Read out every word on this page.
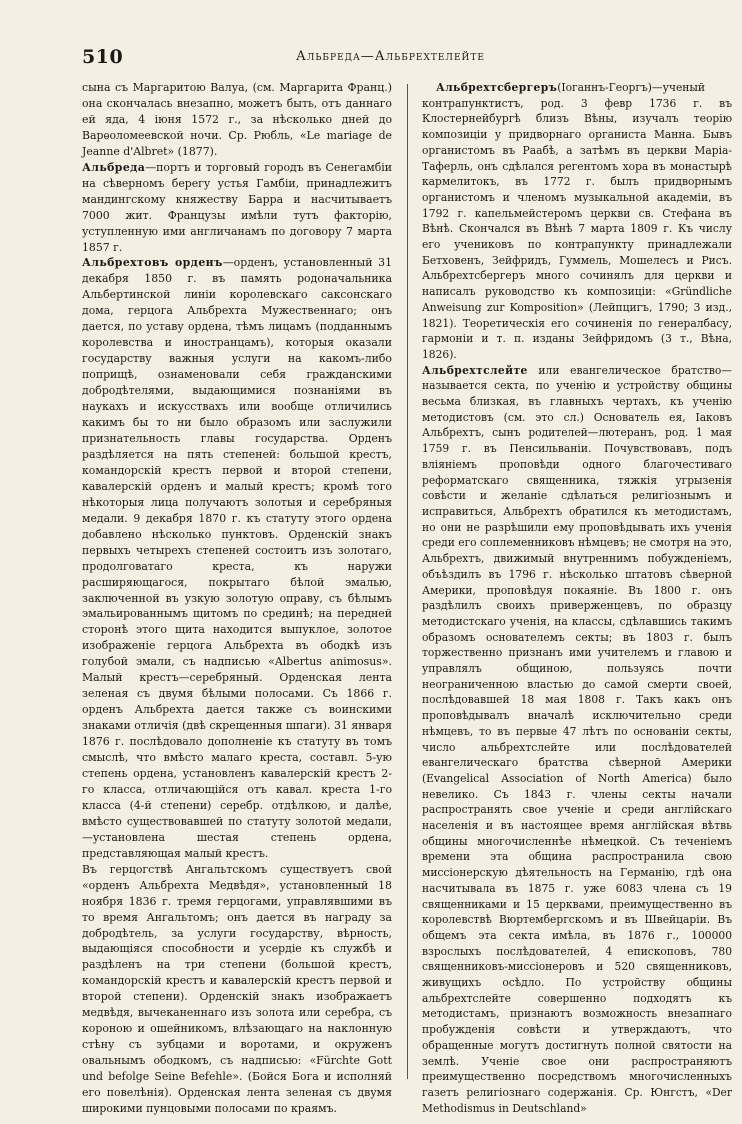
510	Альбреда—Альбрехтелейте

сына съ Маргаритою Валуа, (см. Маргарита Франц.) она скончалась внезапно, можетъ быть, отъ даннаго ей яда, 4 іюня 1572 г., за нѣсколько дней до Варѳоломеевской ночи. Ср. Рюбль, «Le mariage de Jeanne d'Albret» (1877).

Альбреда—портъ и торговый городъ въ Сенегамбіи на сѣверномъ берегу устья Гамбіи, принадлежитъ мандингскому княжеству Барра и насчитываетъ 7000 жит. Французы имѣли тутъ факторію, уступленную ими англичанамъ по договору 7 марта 1857 г.

Альбрехтовъ орденъ—орденъ, установленный 31 декабря 1850 г. въ память родоначальника Альбертинской линіи королевскаго саксонскаго дома, герцога Альбрехта Мужественнаго; онъ дается, по уставу ордена, тѣмъ лицамъ (подданнымъ королевства и иностранцамъ), которыя оказали государству важныя услуги на какомъ-либо поприщѣ, ознаменовали себя гражданскими добродѣтелями, выдающимися познаніями въ наукахъ и искусствахъ или вообще отличились какимъ бы то ни было образомъ или заслужили признательность главы государства. Орденъ раздѣляется на пять степеней: большой крестъ, командорскій крестъ первой и второй степени, кавалерскій орденъ и малый крестъ; кромѣ того нѣкоторыя лица получаютъ золотыя и серебряныя медали. 9 декабря 1870 г. къ статуту этого ордена добавлено нѣсколько пунктовъ. Орденскій знакъ первыхъ четырехъ степеней состоитъ изъ золотаго, продолговатаго креста, къ наружи расширяющагося, покрытаго бѣлой эмалью, заключенной въ узкую золотую оправу, съ бѣлымъ эмальированнымъ щитомъ по срединѣ; на передней сторонѣ этого щита находится выпуклое, золотое изображеніе герцога Альбрехта въ ободкѣ изъ голубой эмали, съ надписью «Albertus animosus». Малый крестъ—серебряный. Орденская лента зеленая съ двумя бѣлыми полосами. Съ 1866 г. орденъ Альбрехта дается также съ воинскими знаками отличія (двѣ скрещенныя шпаги). 31 января 1876 г. послѣдовало дополненіе къ статуту въ томъ смыслѣ, что вмѣсто малаго креста, составл. 5-ую степень ордена, установленъ кавалерскій крестъ 2-го класса, отличающійся отъ кавал. креста 1-го класса (4-й степени) серебр. отдѣлкою, и далѣе, вмѣсто существовавшей по статуту золотой медали,—установлена шестая степень ордена, представляющая малый крестъ.

Въ герцогствѣ Ангальтскомъ существуетъ свой «орденъ Альбрехта Медвѣдя», установленный 18 ноября 1836 г. тремя герцогами, управлявшими въ то время Ангальтомъ; онъ дается въ награду за добродѣтель, за услуги государству, вѣрность, выдающіяся способности и усердіе къ службѣ и раздѣленъ на три степени (большой крестъ, командорскій крестъ и кавалерскій крестъ первой и второй степени). Орденскій знакъ изображаетъ медвѣдя, вычеканеннаго изъ золота или серебра, съ короною и ошейникомъ, влѣзающаго на наклонную стѣну съ зубцами и воротами, и окруженъ овальнымъ ободкомъ, съ надписью: «Fürchte Gott und befolge Seine Befehle». (Бойся Бога и исполняй его повелѣнія). Орденская лента зеленая съ двумя широкими пунцовыми полосами по краямъ.

Альбрехтсбергеръ(Іоганнъ-Георгъ)—ученый контрапунктистъ, род. 3 февр 1736 г. въ Клостернейбургѣ близъ Вѣны, изучалъ теорію композиціи у придворнаго органиста Манна. Бывъ органистомъ въ Раабѣ, а затѣмъ въ церкви Маріа-Таферль, онъ сдѣлался регентомъ хора въ монастырѣ кармелитокъ, въ 1772 г. былъ придворнымъ органистомъ и членомъ музыкальной академіи, въ 1792 г. капельмейстеромъ церкви св. Стефана въ Вѣнѣ. Скончался въ Вѣнѣ 7 марта 1809 г. Къ числу его учениковъ по контрапункту принадлежали Бетховенъ, Зейфридъ, Гуммель, Мошелесъ и Рисъ. Альбрехтсбергеръ много сочинялъ для церкви и написалъ руководство къ композиціи: «Gründliche Anweisung zur Komposition» (Лейпцигъ, 1790; 3 изд., 1821). Теоретическія его сочиненія по генералбасу, гармоніи и т. п. изданы Зейфридомъ (3 т., Вѣна, 1826).

Альбрехтслейте или евангелическое братство—называется секта, по ученію и устройству общины весьма близкая, въ главныхъ чертахъ, къ ученію методистовъ (см. это сл.) Основатель ея, Іаковъ Альбрехтъ, сынъ родителей—лютеранъ, род. 1 мая 1759 г. въ Пенсильваніи. Почувствовавъ, подъ вліяніемъ проповѣди одного благочестиваго реформатскаго священника, тяжкія угрызенія совѣсти и желаніе сдѣлаться религіознымъ и исправиться, Альбрехтъ обратился къ методистамъ, но они не разрѣшили ему проповѣдывать ихъ ученія среди его соплеменниковъ нѣмцевъ; не смотря на это, Альбрехтъ, движимый внутреннимъ побужденіемъ, объѣздилъ въ 1796 г. нѣсколько штатовъ сѣверной Америки, проповѣдуя покаяніе. Въ 1800 г. онъ раздѣлилъ своихъ приверженцевъ, по образцу методистскаго ученія, на классы, сдѣлавшись такимъ образомъ основателемъ секты; въ 1803 г. былъ торжественно признанъ ими учителемъ и главою и управлялъ общиною, пользуясь почти неограниченною властью до самой смерти своей, послѣдовавшей 18 мая 1808 г. Такъ какъ онъ проповѣдывалъ вначалѣ исключительно среди нѣмцевъ, то въ первые 47 лѣтъ по основаніи секты, число альбрехтслейте или послѣдователей евангелическаго братства сѣверной Америки (Evangelical Association of North America) было невелико. Съ 1843 г. члены секты начали распространять свое ученіе и среди англійскаго населенія и въ настоящее время англійская вѣтвь общины многочисленнѣе нѣмецкой. Съ теченіемъ времени эта община распространила свою миссіонерскую дѣятельность на Германію, гдѣ она насчитывала въ 1875 г. уже 6083 члена съ 19 священниками и 15 церквами, преимущественно въ королевствѣ Вюртембергскомъ и въ Швейцаріи. Въ общемъ эта секта имѣла, въ 1876 г., 100000 взрослыхъ послѣдователей, 4 епископовъ, 780 священниковъ-миссіонеровъ и 520 священниковъ, живущихъ осѣдло. По устройству общины альбрехтслейте совершенно подходятъ къ методистамъ, признаютъ возможность внезапнаго пробужденія совѣсти и утверждаютъ, что обращенные могутъ достигнуть полной святости на землѣ. Ученіе свое они распространяютъ преимущественно посредствомъ многочисленныхъ газетъ религіознаго содержанія. Ср. Юнгстъ, «Der Methodismus in Deutschland»
